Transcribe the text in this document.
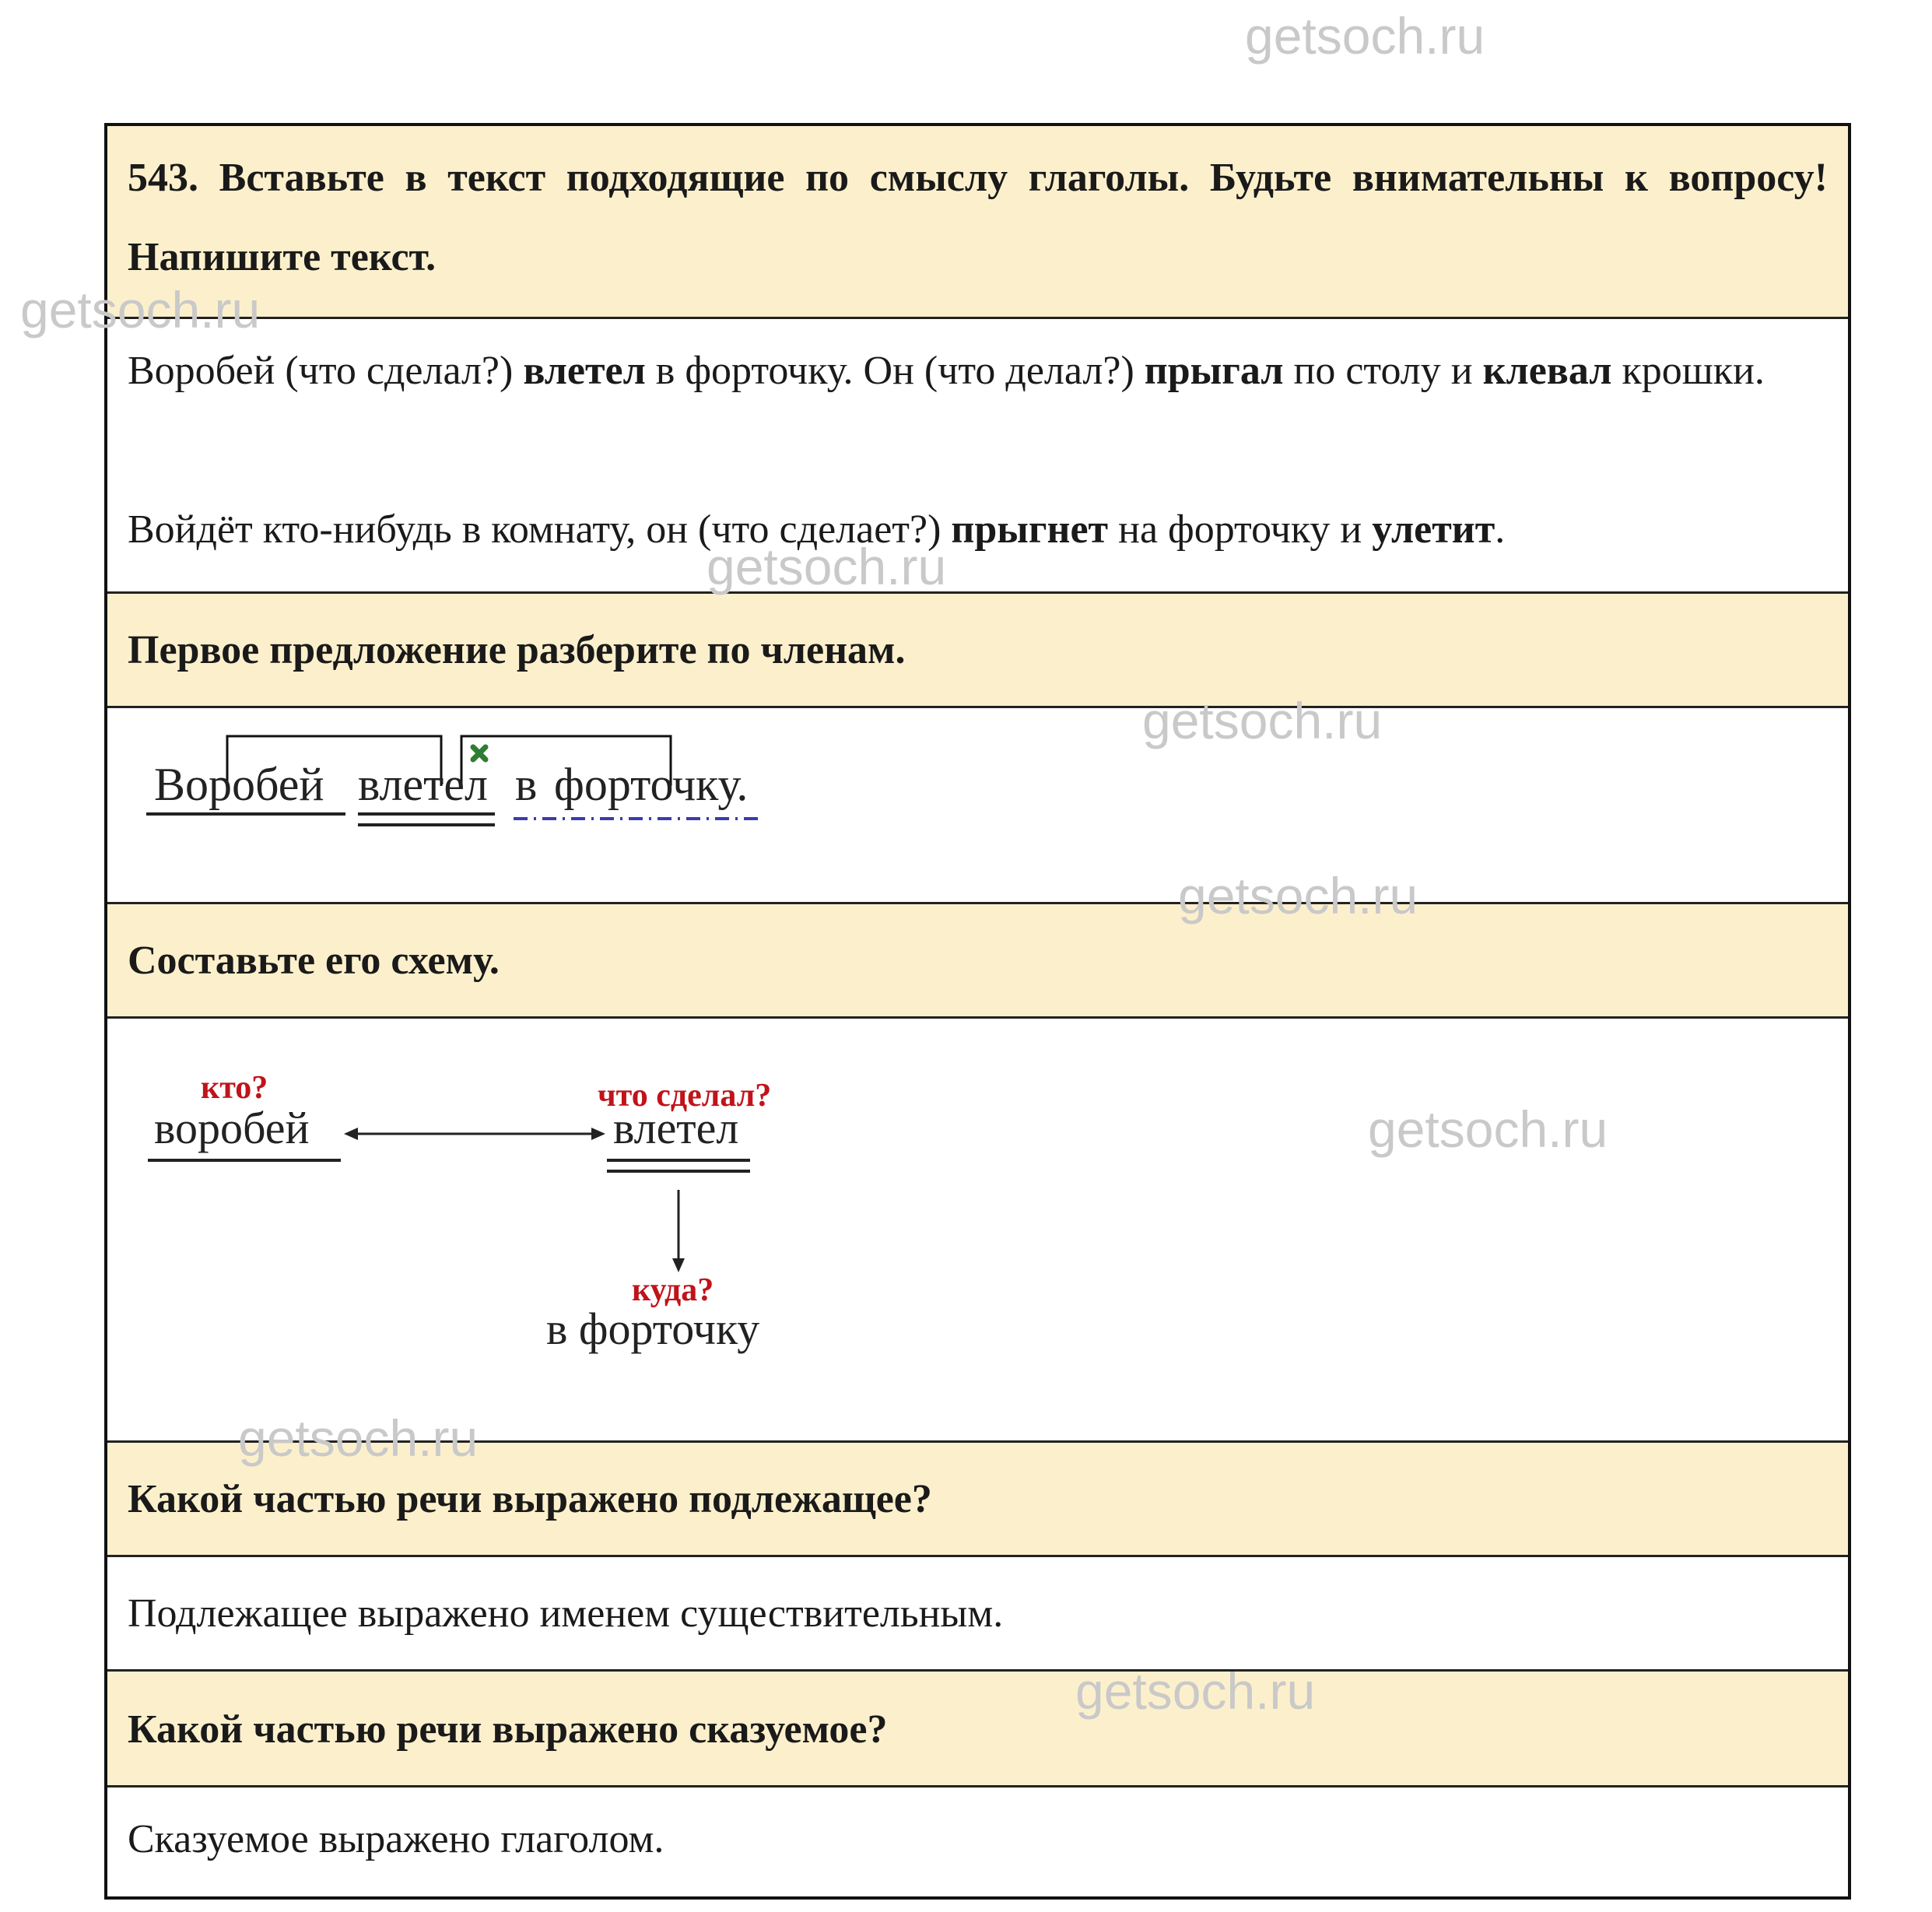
getsoch.ru
getsoch.ru
getsoch.ru
getsoch.ru
getsoch.ru
getsoch.ru
getsoch.ru
getsoch.ru
543. Вставьте в текст подходящие по смыслу глаголы. Будьте внимательны к вопросу! Напишите текст.
Воробей (что сделал?) влетел в форточку. Он (что делал?) прыгал по столу и клевал крошки.
Войдёт кто-нибудь в комнату, он (что сделает?) прыгнет на форточку и улетит.
Первое предложение разберите по членам.
Воробей влетел в форточку.
Составьте его схему.
кто?
воробей
что сделал?
влетел
куда?
в форточку
Какой частью речи выражено подлежащее?
Подлежащее выражено именем существительным.
Какой частью речи выражено сказуемое?
Сказуемое выражено глаголом.
